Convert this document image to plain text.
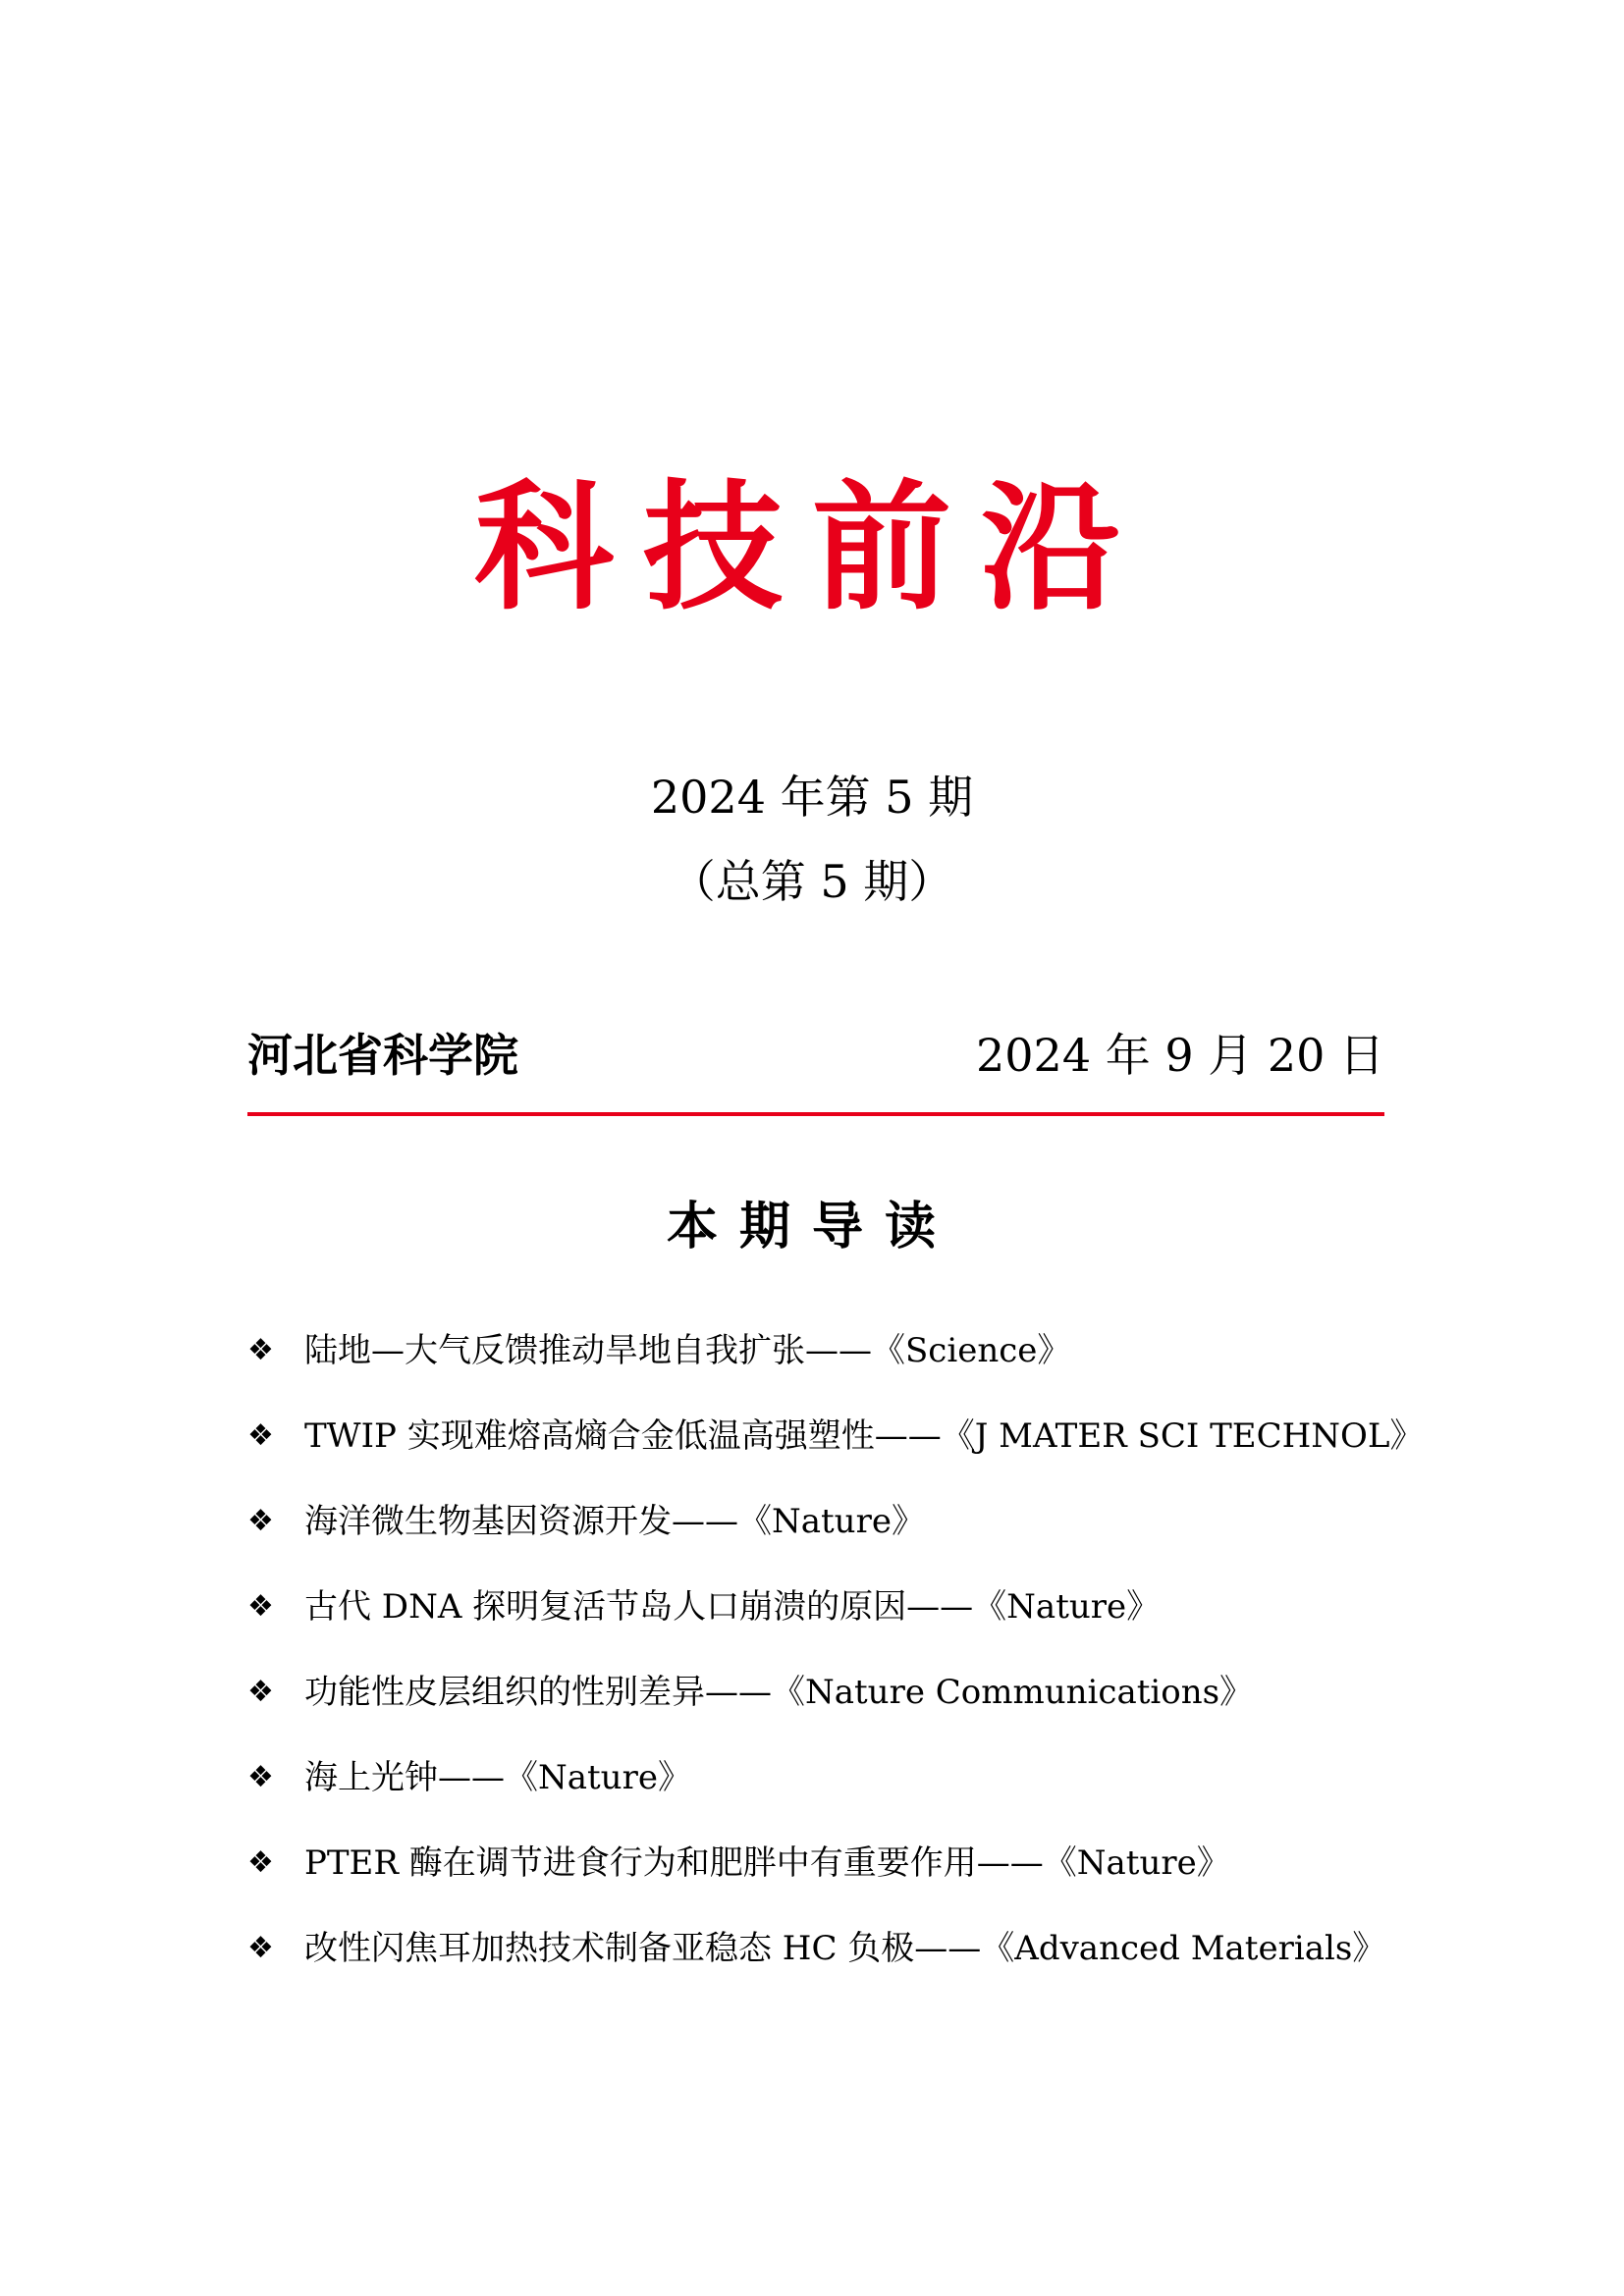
科技前沿
2024 年第 5 期
（总第 5 期）
河北省科学院	2024 年 9 月 20 日
本期导读
❖ 陆地—大气反馈推动旱地自我扩张——《Science》
❖ TWIP 实现难熔高熵合金低温高强塑性——《J MATER SCI TECHNOL》
❖ 海洋微生物基因资源开发——《Nature》
❖ 古代 DNA 探明复活节岛人口崩溃的原因——《Nature》
❖ 功能性皮层组织的性别差异——《Nature Communications》
❖ 海上光钟——《Nature》
❖ PTER 酶在调节进食行为和肥胖中有重要作用——《Nature》
❖ 改性闪焦耳加热技术制备亚稳态 HC 负极——《Advanced Materials》
